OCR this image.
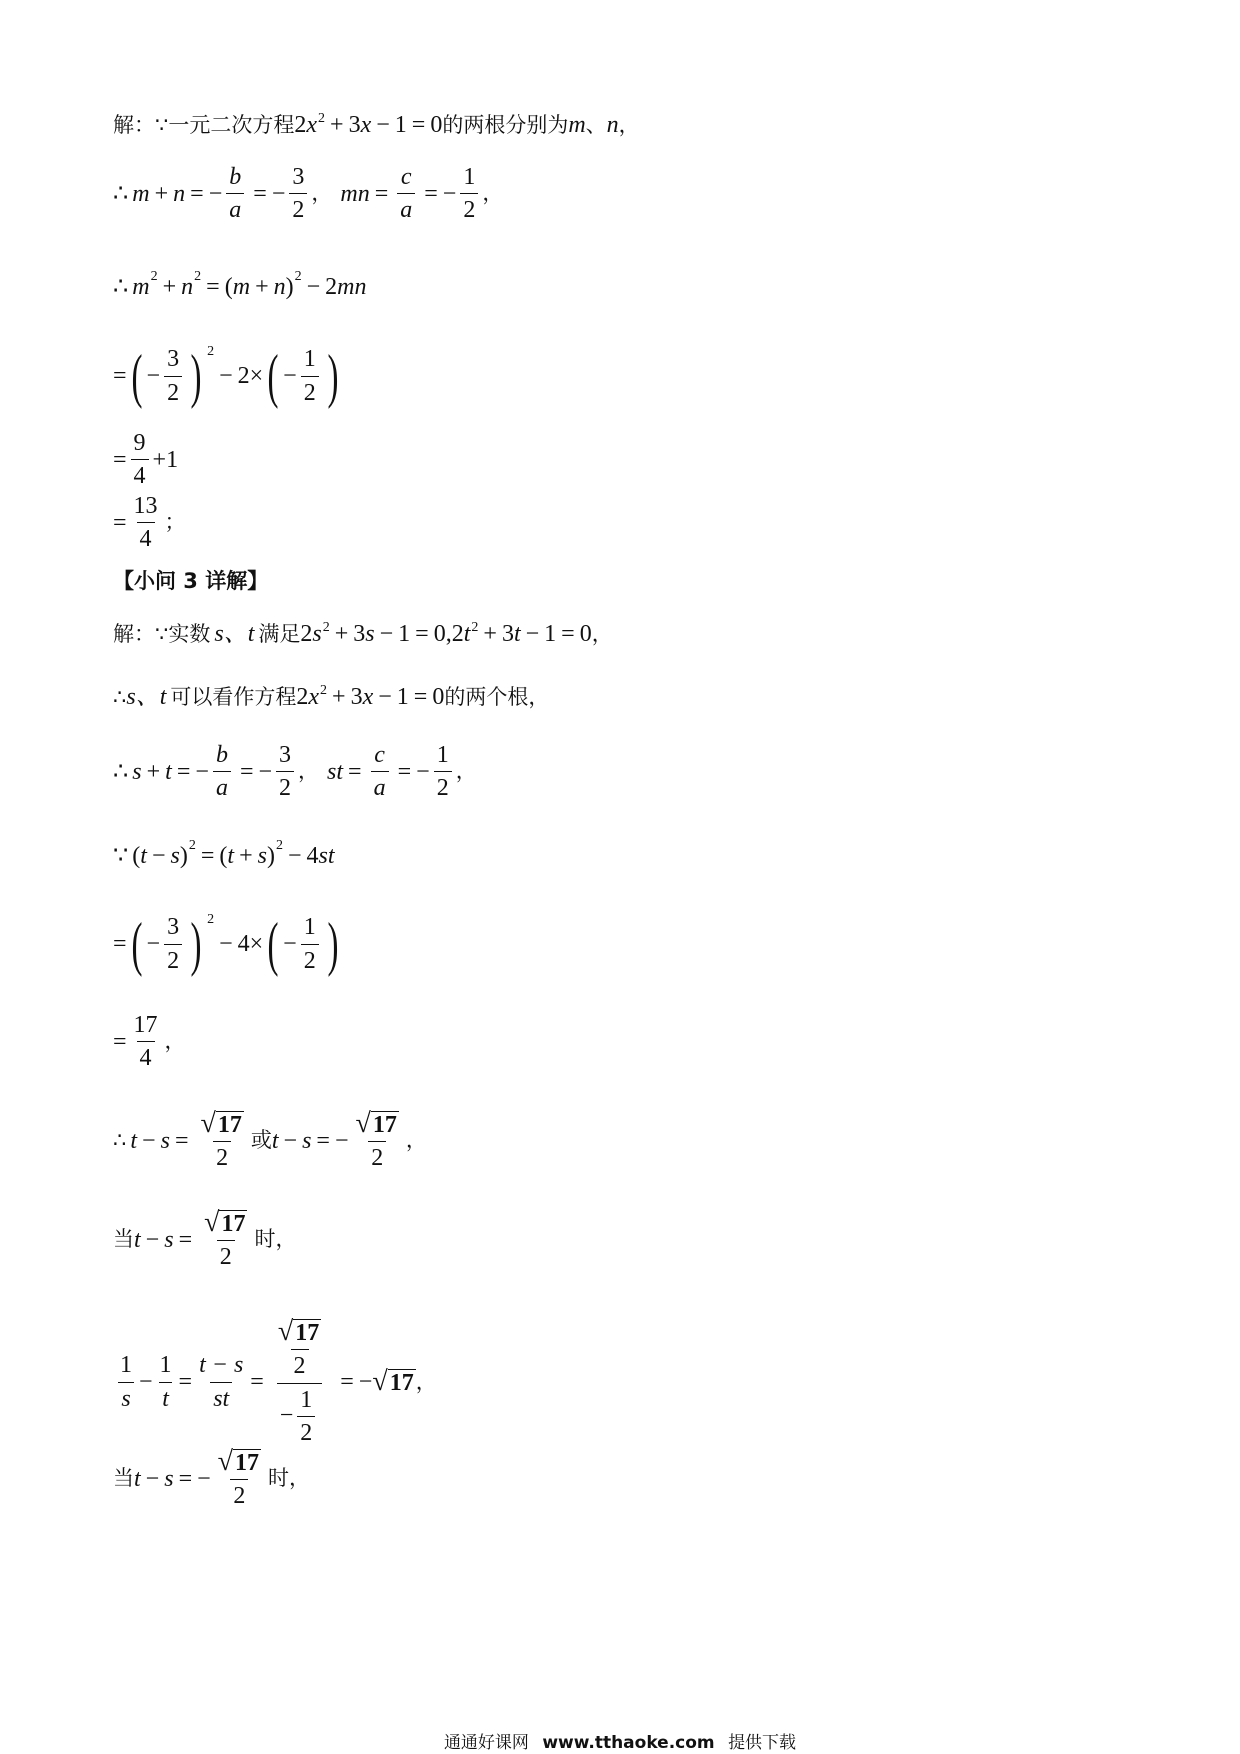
解：∵一元二次方程 $2x^2 + 3x - 1 = 0$ 的两根分别为 m 、 n ，
∴ m + n = − $\frac{b}{a}$ = − $\frac{3}{2}$ ， mn = $\frac{c}{a}$ = − $\frac{1}{2}$ ，
∴ m 2 + n 2 = ( m + n ) 2 − 2 mn
= ( − $\frac{3}{2}$ ) 2
− 2× ( − $\frac{1}{2}$ )
= $\frac{9}{4} +1$
= $\frac{13}{4}$ ；
【小问 3 详解】
解：∵实数 s、t 满足 $2s^2 + 3s - 1 = 0,2t^2 + 3t - 1 = 0$ ，
∴ s、t 可以看作方程 $2x^2 + 3x - 1 = 0$ 的两个根，
∴ s + t = − $\frac{b}{a}$ = − $\frac{3}{2}$ ， st = $\frac{c}{a}$ = − $\frac{1}{2}$ ，
∵ ( t − s ) 2 = ( t + s ) 2 − 4 st
= ( − $\frac{3}{2}$ ) 2
− 4× ( − $\frac{1}{2}$ )
= $\frac{17}{4}$ ，
∴ $t - s = \frac{√ 17}{2}$ 或 t − s = − $\frac{√ 17}{2}$ ，
当 $t - s = \frac{√ 17}{2}$ 时，
$\frac{1}{s} - \frac{1}{t} = \frac{t - s}{st} = \frac{\frac{√ 17}{2}}{- \frac{1}{2}}$ = − √ 17 ，
当 t − s = − $\frac{√ 17}{2}$ 时，
通通好课网 www.tthaoke.com 提供下载
